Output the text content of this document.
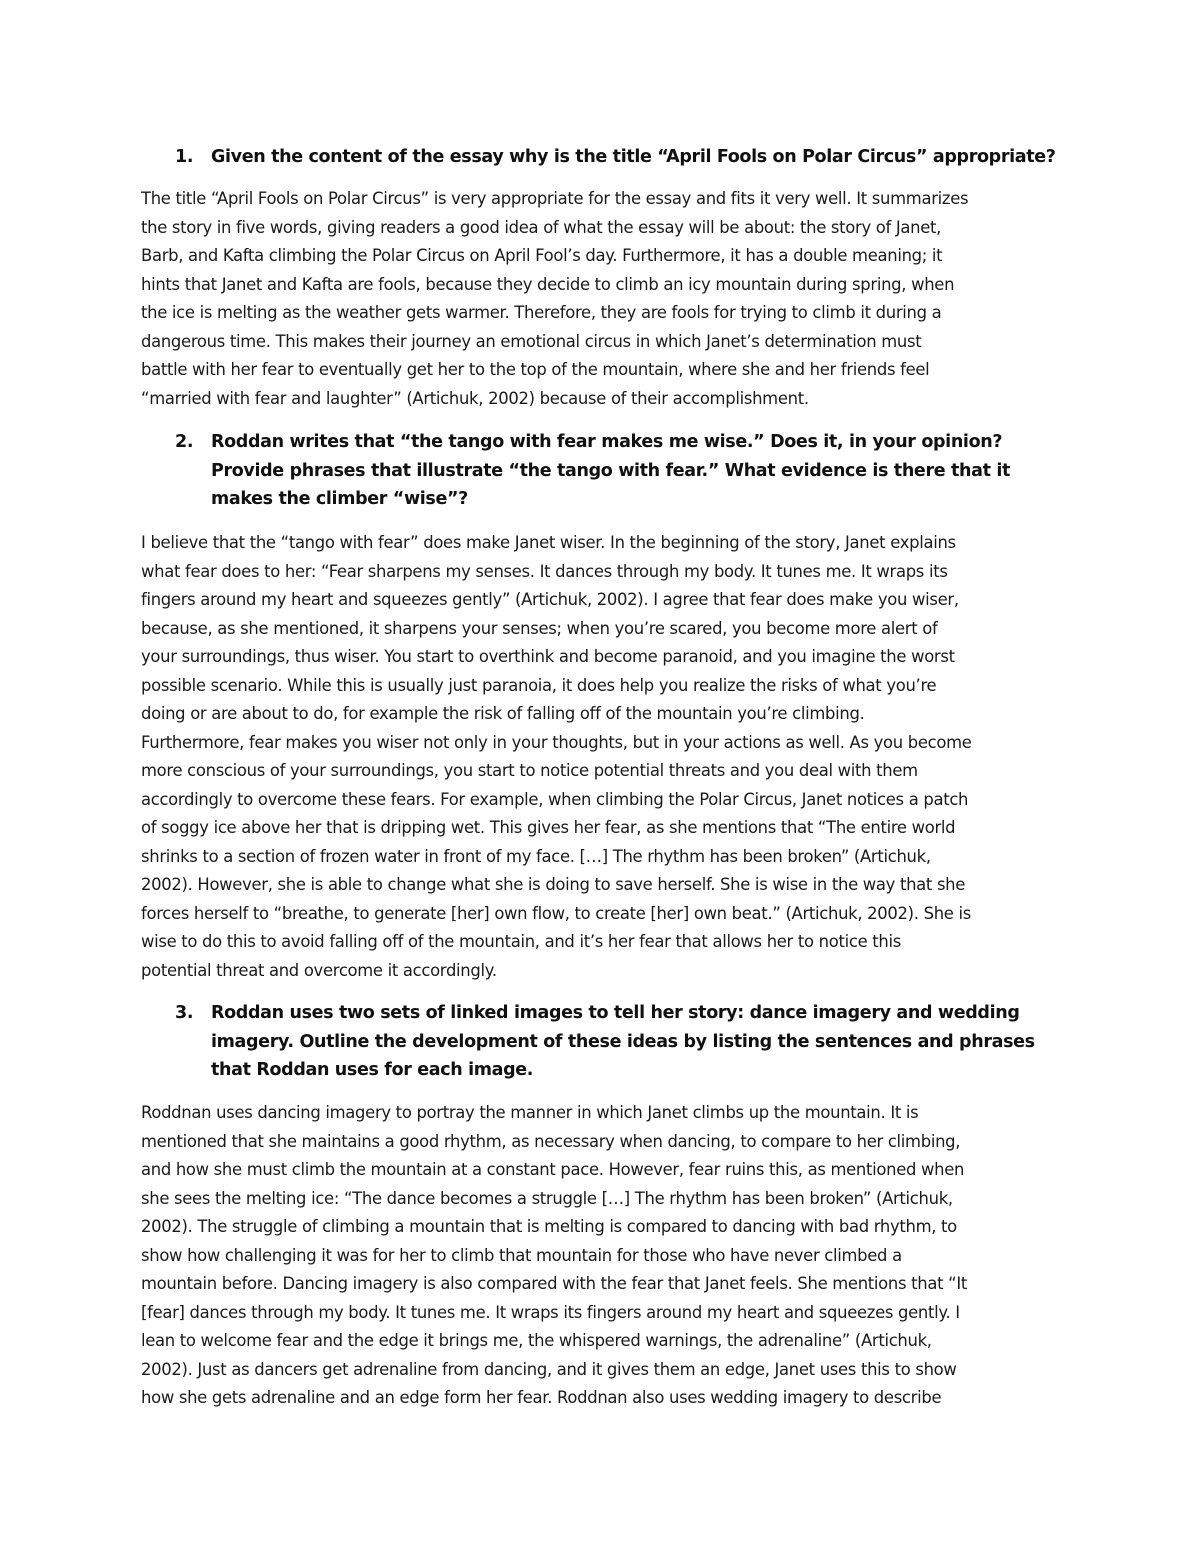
1.	Given the content of the essay why is the title “April Fools on Polar Circus” appropriate?
The title “April Fools on Polar Circus” is very appropriate for the essay and fits it very well. It summarizes
the story in five words, giving readers a good idea of what the essay will be about: the story of Janet,
Barb, and Kafta climbing the Polar Circus on April Fool’s day. Furthermore, it has a double meaning; it
hints that Janet and Kafta are fools, because they decide to climb an icy mountain during spring, when
the ice is melting as the weather gets warmer. Therefore, they are fools for trying to climb it during a
dangerous time. This makes their journey an emotional circus in which Janet’s determination must
battle with her fear to eventually get her to the top of the mountain, where she and her friends feel
“married with fear and laughter” (Artichuk, 2002) because of their accomplishment.
2.	Roddan writes that “the tango with fear makes me wise.” Does it, in your opinion? Provide phrases that illustrate “the tango with fear.” What evidence is there that it makes the climber “wise”?
I believe that the “tango with fear” does make Janet wiser. In the beginning of the story, Janet explains
what fear does to her: “Fear sharpens my senses. It dances through my body. It tunes me. It wraps its
fingers around my heart and squeezes gently” (Artichuk, 2002). I agree that fear does make you wiser,
because, as she mentioned, it sharpens your senses; when you’re scared, you become more alert of
your surroundings, thus wiser. You start to overthink and become paranoid, and you imagine the worst
possible scenario. While this is usually just paranoia, it does help you realize the risks of what you’re
doing or are about to do, for example the risk of falling off of the mountain you’re climbing.
Furthermore, fear makes you wiser not only in your thoughts, but in your actions as well. As you become
more conscious of your surroundings, you start to notice potential threats and you deal with them
accordingly to overcome these fears. For example, when climbing the Polar Circus, Janet notices a patch
of soggy ice above her that is dripping wet. This gives her fear, as she mentions that “The entire world
shrinks to a section of frozen water in front of my face. […] The rhythm has been broken” (Artichuk,
2002). However, she is able to change what she is doing to save herself. She is wise in the way that she
forces herself to “breathe, to generate [her] own flow, to create [her] own beat.” (Artichuk, 2002). She is
wise to do this to avoid falling off of the mountain, and it’s her fear that allows her to notice this
potential threat and overcome it accordingly.
3.	Roddan uses two sets of linked images to tell her story: dance imagery and wedding imagery. Outline the development of these ideas by listing the sentences and phrases that Roddan uses for each image.
Roddnan uses dancing imagery to portray the manner in which Janet climbs up the mountain. It is
mentioned that she maintains a good rhythm, as necessary when dancing, to compare to her climbing,
and how she must climb the mountain at a constant pace. However, fear ruins this, as mentioned when
she sees the melting ice: “The dance becomes a struggle […] The rhythm has been broken” (Artichuk,
2002). The struggle of climbing a mountain that is melting is compared to dancing with bad rhythm, to
show how challenging it was for her to climb that mountain for those who have never climbed a
mountain before. Dancing imagery is also compared with the fear that Janet feels. She mentions that “It
[fear] dances through my body. It tunes me. It wraps its fingers around my heart and squeezes gently. I
lean to welcome fear and the edge it brings me, the whispered warnings, the adrenaline” (Artichuk,
2002). Just as dancers get adrenaline from dancing, and it gives them an edge, Janet uses this to show
how she gets adrenaline and an edge form her fear. Roddnan also uses wedding imagery to describe
